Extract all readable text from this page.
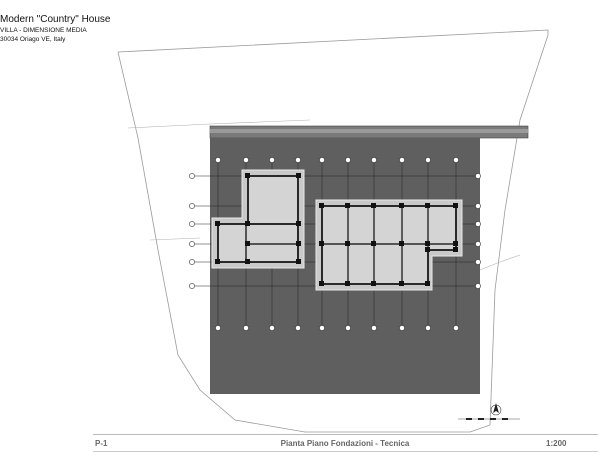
Modern "Country" House
VILLA - DIMENSIONE MEDIA
30034 Oriago VE, Italy
P-1	Pianta Piano Fondazioni - Tecnica	1:200
